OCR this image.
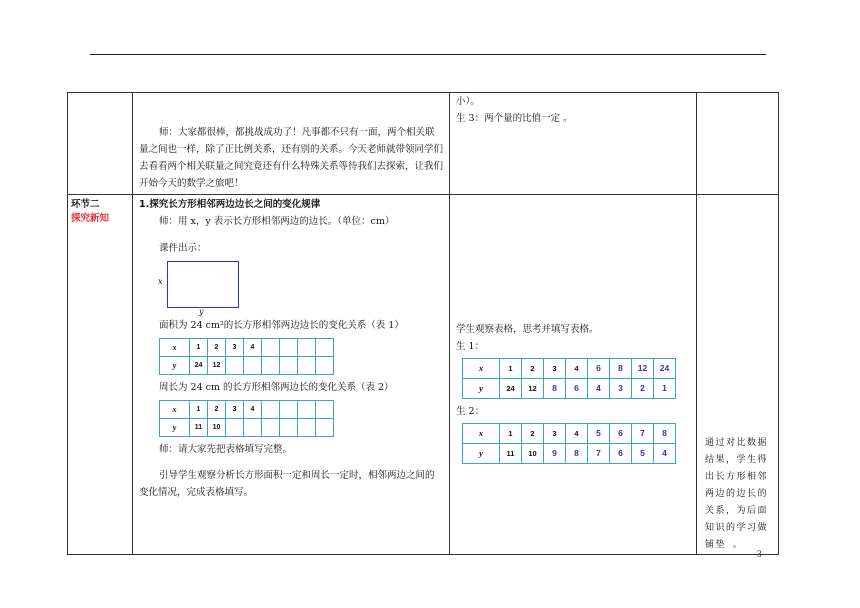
师：大家都很棒，都挑战成功了！凡事都不只有一面，两个相关联量之间也一样，除了正比例关系，还有别的关系。今天老师就带领同学们去看看两个相关联量之间究竟还有什么特殊关系等待我们去探索，让我们开始今天的数学之旅吧！

小）。
生 3：两个量的比值一定 。

环节二
探究新知

1.探究长方形相邻两边边长之间的变化规律
师：用 x，y 表示长方形相邻两边的边长。（单位：cm）
课件出示：
x
y
面积为 24 cm²的长方形相邻两边边长的变化关系（表 1）
x	1	2	3	4				
y	24	12						
周长为 24 cm 的长方形相邻两边长的变化关系（表 2）
x	1	2	3	4				
y	11	10						
师：请大家先把表格填写完整。
引导学生观察分析长方形面积一定和周长一定时，相邻两边之间的变化情况，完成表格填写。

学生观察表格，思考并填写表格。
生 1：
x	1	2	3	4	6	8	12	24
y	24	12	8	6	4	3	2	1
生 2：
x	1	2	3	4	5	6	7	8
y	11	10	9	8	7	6	5	4

通过对比数据结果，学生得出长方形相邻两边的边长的关系，为后面知识的学习做铺垫 。
3
